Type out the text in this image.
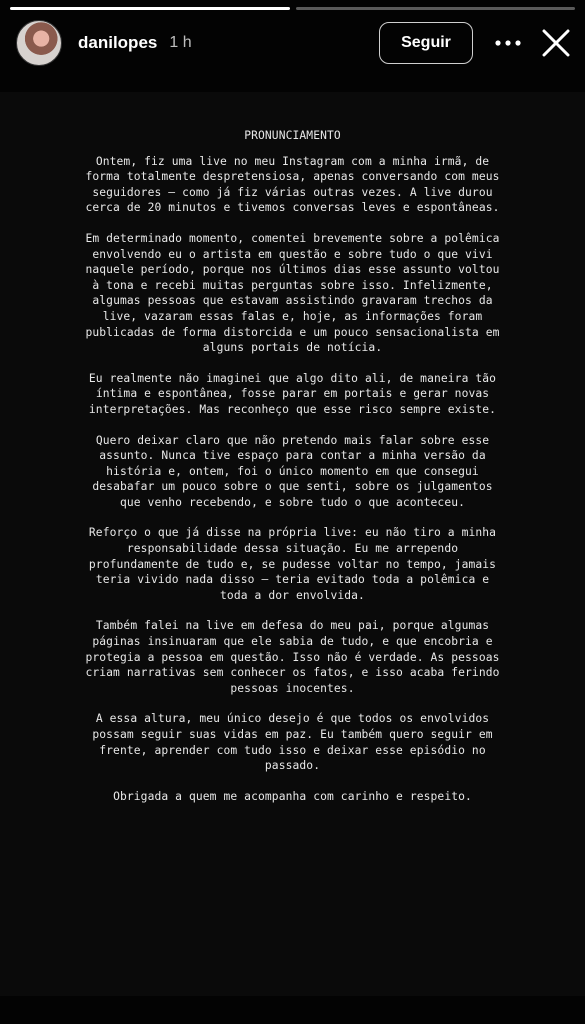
danilopes 1 h	Seguir
PRONUNCIAMENTO

Ontem, fiz uma live no meu Instagram com a minha irmã, de forma totalmente despretensiosa, apenas conversando com meus seguidores — como já fiz várias outras vezes. A live durou cerca de 20 minutos e tivemos conversas leves e espontâneas.

Em determinado momento, comentei brevemente sobre a polêmica envolvendo eu o artista em questão e sobre tudo o que vivi naquele período, porque nos últimos dias esse assunto voltou à tona e recebi muitas perguntas sobre isso. Infelizmente, algumas pessoas que estavam assistindo gravaram trechos da live, vazaram essas falas e, hoje, as informações foram publicadas de forma distorcida e um pouco sensacionalista em alguns portais de notícia.

Eu realmente não imaginei que algo dito ali, de maneira tão íntima e espontânea, fosse parar em portais e gerar novas interpretações. Mas reconheço que esse risco sempre existe.

Quero deixar claro que não pretendo mais falar sobre esse assunto. Nunca tive espaço para contar a minha versão da história e, ontem, foi o único momento em que consegui desabafar um pouco sobre o que senti, sobre os julgamentos que venho recebendo, e sobre tudo o que aconteceu.

Reforço o que já disse na própria live: eu não tiro a minha responsabilidade dessa situação. Eu me arrependo profundamente de tudo e, se pudesse voltar no tempo, jamais teria vivido nada disso — teria evitado toda a polêmica e toda a dor envolvida.

Também falei na live em defesa do meu pai, porque algumas páginas insinuaram que ele sabia de tudo, e que encobria e protegia a pessoa em questão. Isso não é verdade. As pessoas criam narrativas sem conhecer os fatos, e isso acaba ferindo pessoas inocentes.

A essa altura, meu único desejo é que todos os envolvidos possam seguir suas vidas em paz. Eu também quero seguir em frente, aprender com tudo isso e deixar esse episódio no passado.

Obrigada a quem me acompanha com carinho e respeito.
